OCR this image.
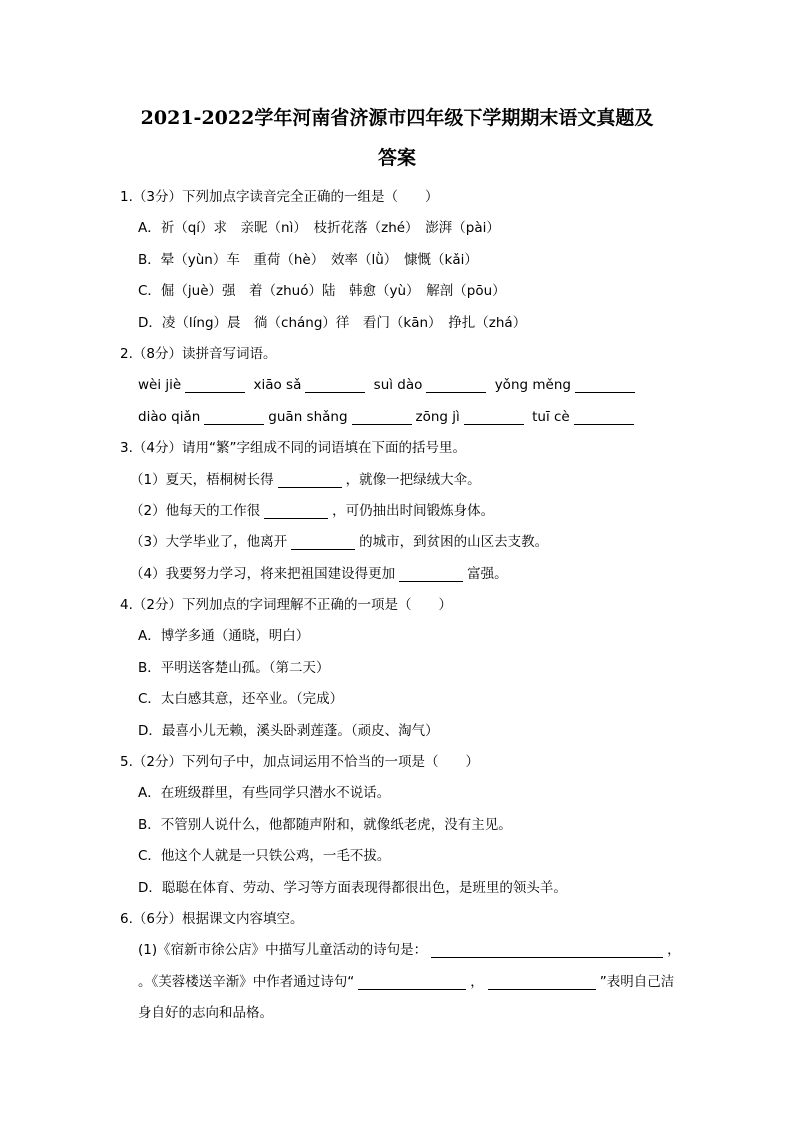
2021-2022学年河南省济源市四年级下学期期末语文真题及
答案
1.（3分）下列加点字读音完全正确的一组是（　　）
A．祈（qí）求　亲昵（nì）　枝折花落（zhé）　澎湃（pài）
B．晕（yùn）车　重荷（hè）　效率（lǜ）　慷慨（kǎi）
C．倔（juè）强　着（zhuó）陆　韩愈（yù）　解剖（pōu）
D．凌（líng）晨　徜（cháng）徉　看门（kān）　挣扎（zhá）
2.（8分）读拼音写词语。
wèi jiè	xiāo sǎ	suì dào	yǒng měng
diào qiǎn	guān shǎng	zōng jì	tuī cè
3.（4分）请用“繁”字组成不同的词语填在下面的括号里。
（1）夏天，梧桐树长得	，就像一把绿绒大伞。
（2）他每天的工作很	，可仍抽出时间锻炼身体。
（3）大学毕业了，他离开	的城市，到贫困的山区去支教。
（4）我要努力学习，将来把祖国建设得更加	富强。
4.（2分）下列加点的字词理解不正确的一项是（　　）
A．博学多通（通晓，明白）
B．平明送客楚山孤。（第二天）
C．太白感其意，还卒业。（完成）
D．最喜小儿无赖，溪头卧剥莲蓬。（顽皮、淘气）
5.（2分）下列句子中，加点词运用不恰当的一项是（　　）
A．在班级群里，有些同学只潜水不说话。
B．不管别人说什么，他都随声附和，就像纸老虎，没有主见。
C．他这个人就是一只铁公鸡，一毛不拔。
D．聪聪在体育、劳动、学习等方面表现得都很出色，是班里的领头羊。
6.（6分）根据课文内容填空。
(1)《宿新市徐公店》中描写儿童活动的诗句是：	，
。《芙蓉楼送辛渐》中作者通过诗句“	，	”表明自己洁
身自好的志向和品格。
